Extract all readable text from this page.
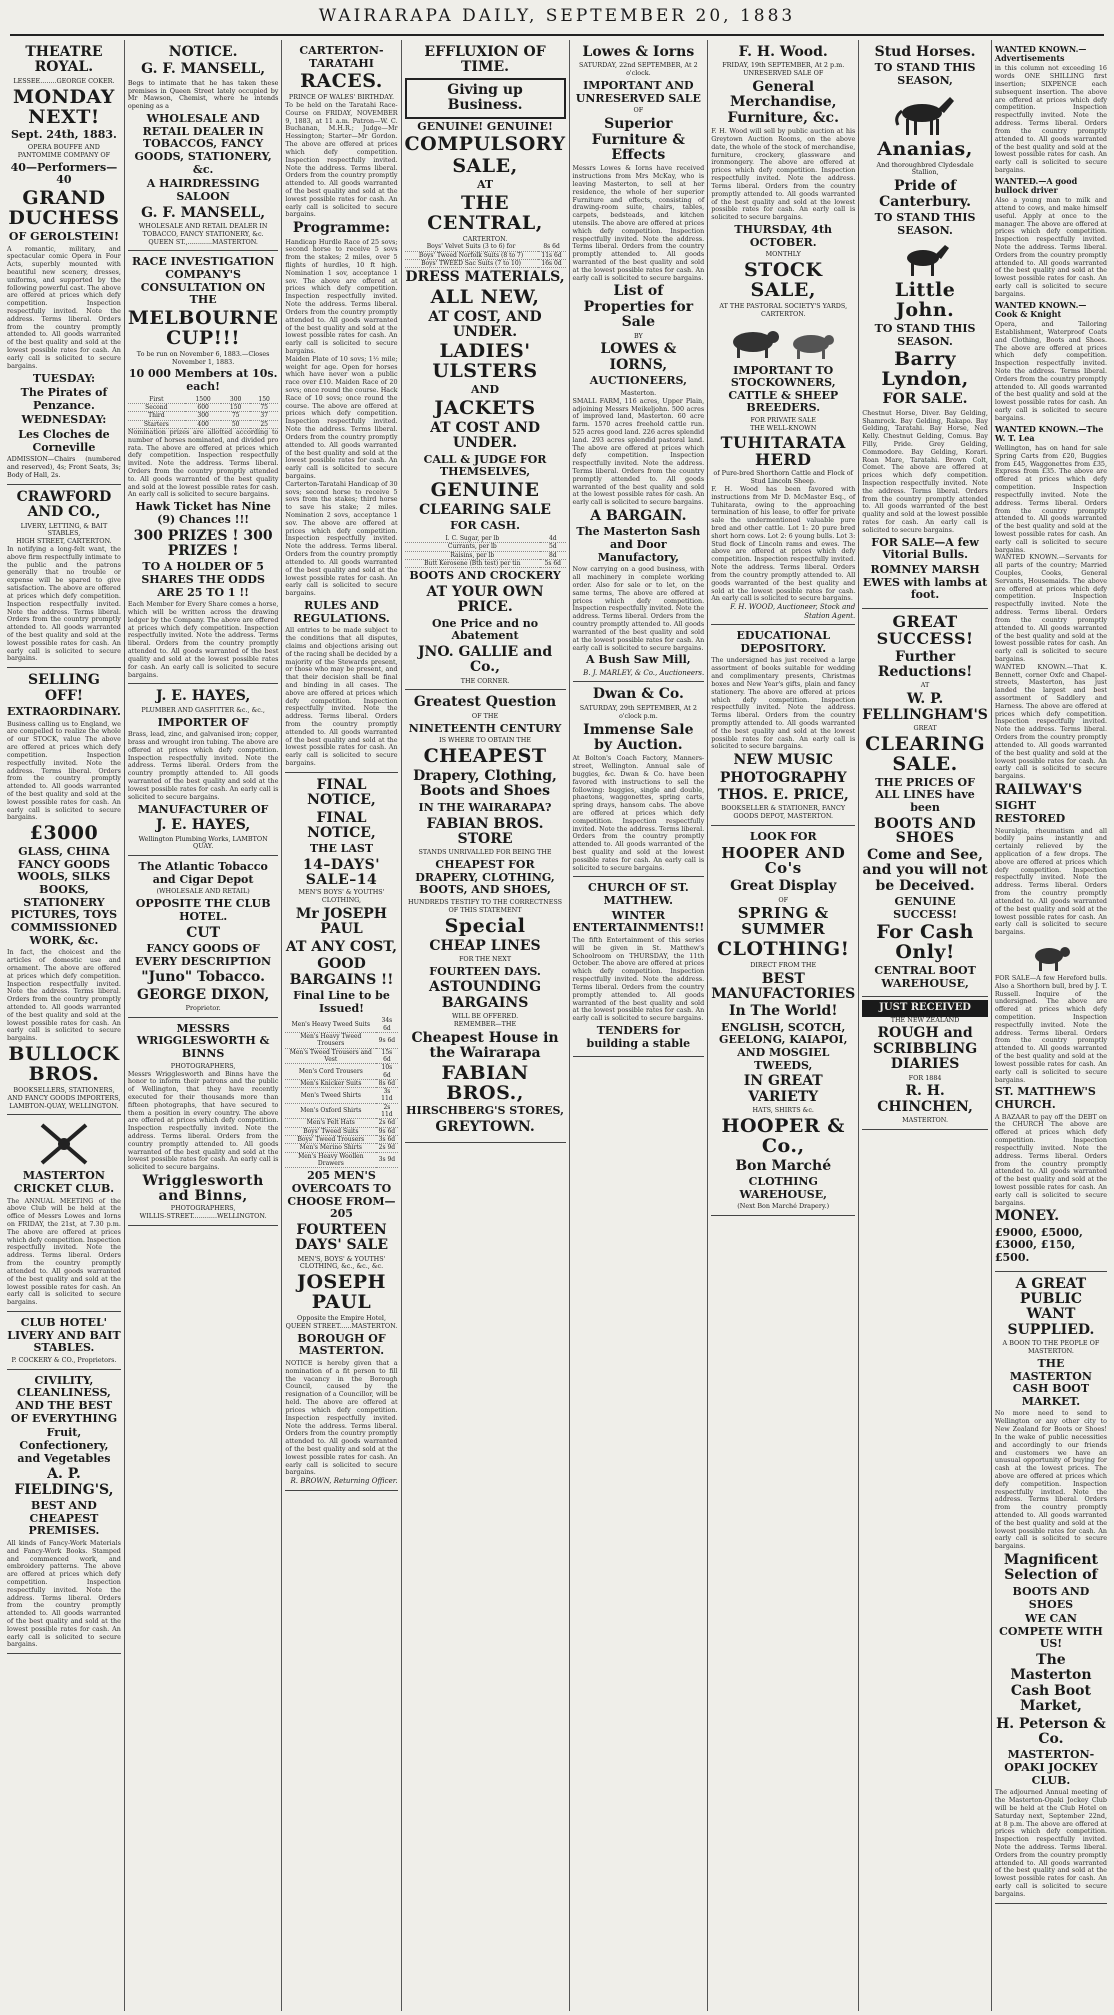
WAIRARAPA DAILY, SEPTEMBER 20, 1883
THEATRE ROYAL.
LESSEE........GEORGE COKER.
MONDAY NEXT!
Sept. 24th, 1883.
OPERA BOUFFE AND PANTOMIME COMPANY OF
40—Performers—40
GRAND DUCHESS
OF GEROLSTEIN!
A romantic, military, and spectacular comic Opera in Four Acts, superbly mounted with beautiful new scenery, dresses, uniforms, and supported by the following powerful cast. The above are offered at prices which defy competition. Inspection respectfully invited. Note the address. Terms liberal. Orders from the country promptly attended to. All goods warranted of the best quality and sold at the lowest possible rates for cash. An early call is solicited to secure bargains.
TUESDAY:
The Pirates of Penzance.
WEDNESDAY:
Les Cloches de Corneville
ADMISSION—Chairs (numbered and reserved), 4s; Front Seats, 3s; Body of Hall, 2s.
CRAWFORD AND CO.,
LIVERY, LETTING, & BAIT STABLES,
HIGH STREET, CARTERTON.
In notifying a long-felt want, the above firm respectfully intimate to the public and the patrons generally that no trouble or expense will be spared to give satisfaction. The above are offered at prices which defy competition. Inspection respectfully invited. Note the address. Terms liberal. Orders from the country promptly attended to. All goods warranted of the best quality and sold at the lowest possible rates for cash. An early call is solicited to secure bargains.
SELLING OFF!
EXTRAORDINARY.
Business calling us to England, we are compelled to realize the whole of our STOCK, value The above are offered at prices which defy competition. Inspection respectfully invited. Note the address. Terms liberal. Orders from the country promptly attended to. All goods warranted of the best quality and sold at the lowest possible rates for cash. An early call is solicited to secure bargains.
£3000
GLASS, CHINA FANCY GOODS WOOLS, SILKS BOOKS, STATIONERY PICTURES, TOYS COMMISSIONED WORK, &c.
In fact, the choicest and the articles of domestic use and ornament. The above are offered at prices which defy competition. Inspection respectfully invited. Note the address. Terms liberal. Orders from the country promptly attended to. All goods warranted of the best quality and sold at the lowest possible rates for cash. An early call is solicited to secure bargains.
BULLOCK BROS.
BOOKSELLERS, STATIONERS, AND FANCY GOODS IMPORTERS,
LAMBTON-QUAY, WELLINGTON.
MASTERTON CRICKET CLUB.
The ANNUAL MEETING of the above Club will be held at the office of Messrs Lowes and Iorns on FRIDAY, the 21st, at 7.30 p.m. The above are offered at prices which defy competition. Inspection respectfully invited. Note the address. Terms liberal. Orders from the country promptly attended to. All goods warranted of the best quality and sold at the lowest possible rates for cash. An early call is solicited to secure bargains.
CLUB HOTEL' LIVERY AND BAIT STABLES.
P. COCKERY & CO., Proprietors.
CIVILITY, CLEANLINESS, AND THE BEST OF EVERYTHING
Fruit, Confectionery, and Vegetables
A. P. FIELDING'S,
BEST AND CHEAPEST PREMISES.
All kinds of Fancy-Work Materials and Fancy-Work Books. Stamped and commenced work, and embroidery patterns. The above are offered at prices which defy competition. Inspection respectfully invited. Note the address. Terms liberal. Orders from the country promptly attended to. All goods warranted of the best quality and sold at the lowest possible rates for cash. An early call is solicited to secure bargains.
NOTICE.
G. F. MANSELL,
Begs to intimate that he has taken these premises in Queen Street lately occupied by Mr Mawson, Chemist, where he intends opening as a
WHOLESALE AND RETAIL DEALER IN TOBACCOS, FANCY GOODS, STATIONERY, &c.
A HAIRDRESSING SALOON
G. F. MANSELL,
WHOLESALE AND RETAIL DEALER IN TOBACCO, FANCY STATIONERY, &c.
QUEEN ST.,............MASTERTON.
RACE INVESTIGATION COMPANY'S CONSULTATION ON THE
MELBOURNE CUP!!!
To be run on November 6, 1883.—Closes November 1, 1883.
10 000 Members at 10s. each!
First	1500	300	150
Second	600	150	75
Third	300	75	37
Starters	400	50	25
Nomination prizes are allotted according to number of horses nominated, and divided pro rata. The above are offered at prices which defy competition. Inspection respectfully invited. Note the address. Terms liberal. Orders from the country promptly attended to. All goods warranted of the best quality and sold at the lowest possible rates for cash. An early call is solicited to secure bargains.
Hawk Ticket has Nine (9) Chances !!!
300 PRIZES ! 300 PRIZES !
TO A HOLDER OF 5 SHARES THE ODDS ARE 25 TO 1 !!
Each Member for Every Share comes a horse, which will be written across the drawing ledger by the Company. The above are offered at prices which defy competition. Inspection respectfully invited. Note the address. Terms liberal. Orders from the country promptly attended to. All goods warranted of the best quality and sold at the lowest possible rates for cash. An early call is solicited to secure bargains.
J. E. HAYES,
PLUMBER AND GASFITTER &c., &c.,
IMPORTER OF
Brass, lead, zinc, and galvanised iron; copper, brass and wrought iron tubing. The above are offered at prices which defy competition. Inspection respectfully invited. Note the address. Terms liberal. Orders from the country promptly attended to. All goods warranted of the best quality and sold at the lowest possible rates for cash. An early call is solicited to secure bargains.
MANUFACTURER OF
J. E. HAYES,
Wellington Plumbing Works, LAMBTON QUAY.
The Atlantic Tobacco and Cigar Depot
(WHOLESALE AND RETAIL)
OPPOSITE THE CLUB HOTEL.
CUT
FANCY GOODS OF EVERY DESCRIPTION
"Juno" Tobacco.
GEORGE DIXON,
Proprietor.
MESSRS WRIGGLESWORTH & BINNS
PHOTOGRAPHERS,
Messrs Wrigglesworth and Binns have the honor to inform their patrons and the public of Wellington, that they have recently executed for their thousands more than fifteen photographs, that have secured to them a position in every country. The above are offered at prices which defy competition. Inspection respectfully invited. Note the address. Terms liberal. Orders from the country promptly attended to. All goods warranted of the best quality and sold at the lowest possible rates for cash. An early call is solicited to secure bargains.
Wrigglesworth and Binns,
PHOTOGRAPHERS,
WILLIS-STREET............WELLINGTON.
CARTERTON-TARATAHI
RACES.
PRINCE OF WALES' BIRTHDAY.
To be held on the Taratahi Race-Course on FRIDAY, NOVEMBER 9, 1883, at 11 a.m. Patron—W. C. Buchanan, M.H.R.; Judge—Mr Hessington; Starter—Mr Gordon. The above are offered at prices which defy competition. Inspection respectfully invited. Note the address. Terms liberal. Orders from the country promptly attended to. All goods warranted of the best quality and sold at the lowest possible rates for cash. An early call is solicited to secure bargains.
Programme:
Handicap Hurdle Race of 25 sovs; second horse to receive 5 sovs from the stakes; 2 miles, over 5 flights of hurdles, 10 ft high. Nomination 1 sov, acceptance 1 sov. The above are offered at prices which defy competition. Inspection respectfully invited. Note the address. Terms liberal. Orders from the country promptly attended to. All goods warranted of the best quality and sold at the lowest possible rates for cash. An early call is solicited to secure bargains.
Maiden Plate of 10 sovs; 1½ mile; weight for age. Open for horses which have never won a public race over £10. Maiden Race of 20 sovs; once round the course. Hack Race of 10 sovs; once round the course. The above are offered at prices which defy competition. Inspection respectfully invited. Note the address. Terms liberal. Orders from the country promptly attended to. All goods warranted of the best quality and sold at the lowest possible rates for cash. An early call is solicited to secure bargains.
Carterton-Taratahi Handicap of 30 sovs; second horse to receive 5 sovs from the stakes; third horse to save his stake; 2 miles. Nomination 2 sovs, acceptance 1 sov. The above are offered at prices which defy competition. Inspection respectfully invited. Note the address. Terms liberal. Orders from the country promptly attended to. All goods warranted of the best quality and sold at the lowest possible rates for cash. An early call is solicited to secure bargains.
RULES AND REGULATIONS.
All entries to be made subject to the conditions that all disputes, claims and objections arising out of the racing shall be decided by a majority of the Stewards present, or those who may be present, and that their decision shall be final and binding in all cases. The above are offered at prices which defy competition. Inspection respectfully invited. Note the address. Terms liberal. Orders from the country promptly attended to. All goods warranted of the best quality and sold at the lowest possible rates for cash. An early call is solicited to secure bargains.
FINAL NOTICE,
FINAL NOTICE,
THE LAST
14–DAYS' SALE–14
MEN'S BOYS' & YOUTHS' CLOTHING,
Mr JOSEPH PAUL
AT ANY COST,
GOOD BARGAINS !!
Final Line to be Issued!
Men's Heavy Tweed Suits	34s 6d
Men's Heavy Tweed Trousers	9s 6d
Men's Tweed Trousers and Vest	15s 6d
Men's Cord Trousers	10s 6d
Men's Knicker Suits	8s 6d
Men's Tweed Shirts	3s 11d
Men's Oxford Shirts	2s 11d
Men's Felt Hats	2s 6d
Boys' Tweed Suits	9s 6d
Boys' Tweed Trousers	3s 6d
Men's Merino Shirts	2s 9d
Men's Heavy Woollen Drawers	3s 9d
205 MEN'S OVERCOATS TO CHOOSE FROM—205
FOURTEEN DAYS' SALE
MEN'S, BOYS' & YOUTHS' CLOTHING, &c., &c., &c.
JOSEPH PAUL
Opposite the Empire Hotel,
QUEEN STREET......MASTERTON.
BOROUGH OF MASTERTON.
NOTICE is hereby given that a nomination of a fit person to fill the vacancy in the Borough Council, caused by the resignation of a Councillor, will be held. The above are offered at prices which defy competition. Inspection respectfully invited. Note the address. Terms liberal. Orders from the country promptly attended to. All goods warranted of the best quality and sold at the lowest possible rates for cash. An early call is solicited to secure bargains.
R. BROWN, Returning Officer.
EFFLUXION OF TIME.
Giving up Business.
GENUINE! GENUINE!
COMPULSORY
SALE,
AT
THE CENTRAL,
CARTERTON.
Boys' Velvet Suits (3 to 6) for	8s 6d
Boys' Tweed Norfolk Suits (8 to 7)	11s 6d
Boys' TWEED Sac Suits (7 to 10)	16s 0d
DRESS MATERIALS,
ALL NEW,
AT COST, AND UNDER.
LADIES' ULSTERS
AND
JACKETS
AT COST AND UNDER.
CALL & JUDGE FOR THEMSELVES,
GENUINE
CLEARING SALE
FOR CASH.
I. C. Sugar, per lb	4d
Currants, per lb	5d
Raisins, per lb	8d
Butt Kerosene (Bth test) per tin	5s 6d
BOOTS AND CROCKERY
AT YOUR OWN PRICE.
One Price and no Abatement
JNO. GALLIE and Co.,
THE CORNER.
Greatest Question
OF THE
NINETEENTH CENTURY
IS WHERE TO OBTAIN THE
CHEAPEST
Drapery, Clothing, Boots and Shoes
IN THE WAIRARAPA?
FABIAN BROS. STORE
STANDS UNRIVALLED FOR BEING THE
CHEAPEST FOR DRAPERY, CLOTHING, BOOTS, AND SHOES,
HUNDREDS TESTIFY TO THE CORRECTNESS OF THIS STATEMENT
Special
CHEAP LINES
FOR THE NEXT
FOURTEEN DAYS.
ASTOUNDING BARGAINS
WILL BE OFFERED.
REMEMBER—THE
Cheapest House in the Wairarapa
FABIAN BROS.,
HIRSCHBERG'S STORES,
GREYTOWN.
Lowes & Iorns
SATURDAY, 22nd SEPTEMBER, At 2 o'clock.
IMPORTANT AND UNRESERVED SALE
OF
Superior Furniture & Effects
Messrs Lowes & Iorns have received instructions from Mrs McKay, who is leaving Masterton, to sell at her residence, the whole of her superior Furniture and effects, consisting of drawing-room suite, chairs, tables, carpets, bedsteads, and kitchen utensils. The above are offered at prices which defy competition. Inspection respectfully invited. Note the address. Terms liberal. Orders from the country promptly attended to. All goods warranted of the best quality and sold at the lowest possible rates for cash. An early call is solicited to secure bargains.
List of Properties for Sale
BY
LOWES & IORNS,
AUCTIONEERS,
Masterton.
SMALL FARM, 116 acres, Upper Plain, adjoining Messrs Meikeljohn. 500 acres of improved land, Masterton. 60 acre farm. 1570 acres freehold cattle run. 525 acres good land. 226 acres splendid land. 293 acres splendid pastoral land. The above are offered at prices which defy competition. Inspection respectfully invited. Note the address. Terms liberal. Orders from the country promptly attended to. All goods warranted of the best quality and sold at the lowest possible rates for cash. An early call is solicited to secure bargains.
A BARGAIN.
The Masterton Sash and Door Manufactory,
Now carrying on a good business, with all machinery in complete working order. Also for sale or to let, on the same terms, The above are offered at prices which defy competition. Inspection respectfully invited. Note the address. Terms liberal. Orders from the country promptly attended to. All goods warranted of the best quality and sold at the lowest possible rates for cash. An early call is solicited to secure bargains.
A Bush Saw Mill,
B. J. MARLEY, & Co., Auctioneers.
Dwan & Co.
SATURDAY, 29th SEPTEMBER, At 2 o'clock p.m.
Immense Sale by Auction.
At Bolton's Coach Factory, Manners-street, Wellington. Annual sale of buggies, &c. Dwan & Co. have been favored with instructions to sell the following: buggies, single and double, phaetons, waggonettes, spring carts, spring drays, hansom cabs. The above are offered at prices which defy competition. Inspection respectfully invited. Note the address. Terms liberal. Orders from the country promptly attended to. All goods warranted of the best quality and sold at the lowest possible rates for cash. An early call is solicited to secure bargains.
CHURCH OF ST. MATTHEW.
WINTER ENTERTAINMENTS!!
The fifth Entertainment of this series will be given in St. Matthew's Schoolroom on THURSDAY, the 11th October. The above are offered at prices which defy competition. Inspection respectfully invited. Note the address. Terms liberal. Orders from the country promptly attended to. All goods warranted of the best quality and sold at the lowest possible rates for cash. An early call is solicited to secure bargains.
TENDERS for building a stable
F. H. Wood.
FRIDAY, 19th SEPTEMBER, At 2 p.m.
UNRESERVED SALE OF
General Merchandise, Furniture, &c.
F. H. Wood will sell by public auction at his Greytown Auction Rooms, on the above date, the whole of the stock of merchandise, furniture, crockery, glassware and ironmongery. The above are offered at prices which defy competition. Inspection respectfully invited. Note the address. Terms liberal. Orders from the country promptly attended to. All goods warranted of the best quality and sold at the lowest possible rates for cash. An early call is solicited to secure bargains.
THURSDAY, 4th OCTOBER.
MONTHLY
STOCK SALE,
AT THE PASTORAL SOCIETY'S YARDS, CARTERTON.
IMPORTANT TO STOCKOWNERS, CATTLE & SHEEP BREEDERS.
FOR PRIVATE SALE
THE WELL-KNOWN
TUHITARATA HERD
of Pure-bred Shorthorn Cattle and Flock of Stud Lincoln Sheep.
F. H. Wood has been favored with instructions from Mr D. McMaster Esq., of Tuhitarata, owing to the approaching termination of his lease, to offer for private sale the undermentioned valuable pure bred and other cattle. Lot 1: 20 pure bred short horn cows. Lot 2: 6 young bulls. Lot 3: Stud flock of Lincoln rams and ewes. The above are offered at prices which defy competition. Inspection respectfully invited. Note the address. Terms liberal. Orders from the country promptly attended to. All goods warranted of the best quality and sold at the lowest possible rates for cash. An early call is solicited to secure bargains.
F. H. WOOD, Auctioneer, Stock and Station Agent.
EDUCATIONAL DEPOSITORY.
The undersigned has just received a large assortment of books suitable for wedding and complimentary presents, Christmas boxes and New Year's gifts, plain and fancy stationery. The above are offered at prices which defy competition. Inspection respectfully invited. Note the address. Terms liberal. Orders from the country promptly attended to. All goods warranted of the best quality and sold at the lowest possible rates for cash. An early call is solicited to secure bargains.
NEW MUSIC
PHOTOGRAPHY
THOS. E. PRICE,
BOOKSELLER & STATIONER, FANCY GOODS DEPOT, MASTERTON.
LOOK FOR
HOOPER AND Co's
Great Display
OF
SPRING & SUMMER
CLOTHING!
DIRECT FROM THE
BEST MANUFACTORIES
In The World!
ENGLISH, SCOTCH, GEELONG, KAIAPOI, AND MOSGIEL TWEEDS,
IN GREAT VARIETY
HATS, SHIRTS &c.
HOOPER & Co.,
Bon Marché
CLOTHING WAREHOUSE,
(Next Bon Marché Drapery.)
Stud Horses.
TO STAND THIS SEASON,
Ananias,
And thoroughbred Clydesdale Stallion,
Pride of Canterbury.
TO STAND THIS SEASON.
Little John.
TO STAND THIS SEASON.
Barry Lyndon,
FOR SALE.
Chestnut Horse, Diver. Bay Gelding, Shamrock. Bay Gelding, Rakapo. Bay Gelding, Taratahi. Bay Horse, Ned Kelly. Chestnut Gelding, Comus. Bay Filly, Pride. Grey Gelding, Commodore. Bay Gelding, Korari. Roan Mare, Taratahi. Brown Colt, Comet. The above are offered at prices which defy competition. Inspection respectfully invited. Note the address. Terms liberal. Orders from the country promptly attended to. All goods warranted of the best quality and sold at the lowest possible rates for cash. An early call is solicited to secure bargains.
FOR SALE—A few Vitorial Bulls.
ROMNEY MARSH EWES with lambs at foot.
GREAT SUCCESS!
Further Reductions!
AT
W. P. FELLINGHAM'S
GREAT
CLEARING SALE.
THE PRICES OF ALL LINES have been
BOOTS AND SHOES
Come and See, and you will not be Deceived.
GENUINE SUCCESS!
For Cash Only!
CENTRAL BOOT WAREHOUSE,
JUST RECEIVED
THE NEW ZEALAND
ROUGH and SCRIBBLING DIARIES
FOR 1884
R. H. CHINCHEN,
MASTERTON.
WANTED KNOWN.—Advertisements
in this column not exceeding 16 words ONE SHILLING first insertion; SIXPENCE each subsequent insertion. The above are offered at prices which defy competition. Inspection respectfully invited. Note the address. Terms liberal. Orders from the country promptly attended to. All goods warranted of the best quality and sold at the lowest possible rates for cash. An early call is solicited to secure bargains.
WANTED.—A good bullock driver
Also a young man to milk and attend to cows, and make himself useful. Apply at once to the manager. The above are offered at prices which defy competition. Inspection respectfully invited. Note the address. Terms liberal. Orders from the country promptly attended to. All goods warranted of the best quality and sold at the lowest possible rates for cash. An early call is solicited to secure bargains.
WANTED KNOWN.—Cook & Knight
Opera, and Tailoring Establishment, Waterproof Coats and Clothing, Boots and Shoes. The above are offered at prices which defy competition. Inspection respectfully invited. Note the address. Terms liberal. Orders from the country promptly attended to. All goods warranted of the best quality and sold at the lowest possible rates for cash. An early call is solicited to secure bargains.
WANTED KNOWN.—The W. T. Lea
Wellington, has on hand for sale Spring Carts from £20, Buggies from £45, Waggonettes from £35, Express from £35. The above are offered at prices which defy competition. Inspection respectfully invited. Note the address. Terms liberal. Orders from the country promptly attended to. All goods warranted of the best quality and sold at the lowest possible rates for cash. An early call is solicited to secure bargains.
WANTED KNOWN.—Servants for all parts of the country; Married Couples, Cooks, General Servants, Housemaids. The above are offered at prices which defy competition. Inspection respectfully invited. Note the address. Terms liberal. Orders from the country promptly attended to. All goods warranted of the best quality and sold at the lowest possible rates for cash. An early call is solicited to secure bargains.
WANTED KNOWN.—That K. Bennett, corner Oxfc and Chapel-streets, Masterton, has just landed the largest and best assortment of Saddlery and Harness. The above are offered at prices which defy competition. Inspection respectfully invited. Note the address. Terms liberal. Orders from the country promptly attended to. All goods warranted of the best quality and sold at the lowest possible rates for cash. An early call is solicited to secure bargains.
RAILWAY'S
SIGHT RESTORED
Neuralgia, rheumatism and all bodily pains instantly and certainly relieved by the application of a few drops. The above are offered at prices which defy competition. Inspection respectfully invited. Note the address. Terms liberal. Orders from the country promptly attended to. All goods warranted of the best quality and sold at the lowest possible rates for cash. An early call is solicited to secure bargains.
FOR SALE—A few Hereford bulls. Also a Shorthorn bull, bred by J. T. Russell. Inquire of the undersigned. The above are offered at prices which defy competition. Inspection respectfully invited. Note the address. Terms liberal. Orders from the country promptly attended to. All goods warranted of the best quality and sold at the lowest possible rates for cash. An early call is solicited to secure bargains.
ST. MATTHEW'S CHURCH.
A BAZAAR to pay off the DEBT on the CHURCH The above are offered at prices which defy competition. Inspection respectfully invited. Note the address. Terms liberal. Orders from the country promptly attended to. All goods warranted of the best quality and sold at the lowest possible rates for cash. An early call is solicited to secure bargains.
MONEY.
£9000, £5000, £3000, £150, £500.
A GREAT PUBLIC WANT SUPPLIED.
A BOON TO THE PEOPLE OF MASTERTON.
THE MASTERTON CASH BOOT MARKET.
No more need to send to Wellington or any other city to New Zealand for Boots or Shoes! In the wake of public necessities and accordingly to our friends and customers we have an unusual opportunity of buying for cash at the lowest prices. The above are offered at prices which defy competition. Inspection respectfully invited. Note the address. Terms liberal. Orders from the country promptly attended to. All goods warranted of the best quality and sold at the lowest possible rates for cash. An early call is solicited to secure bargains.
Magnificent Selection of
BOOTS AND SHOES
WE CAN COMPETE WITH US!
The Masterton Cash Boot Market,
H. Peterson & Co.
MASTERTON-OPAKI JOCKEY CLUB.
The adjourned Annual meeting of the Masterton-Opaki Jockey Club will be held at the Club Hotel on Saturday next, September 22nd, at 8 p.m. The above are offered at prices which defy competition. Inspection respectfully invited. Note the address. Terms liberal. Orders from the country promptly attended to. All goods warranted of the best quality and sold at the lowest possible rates for cash. An early call is solicited to secure bargains.
